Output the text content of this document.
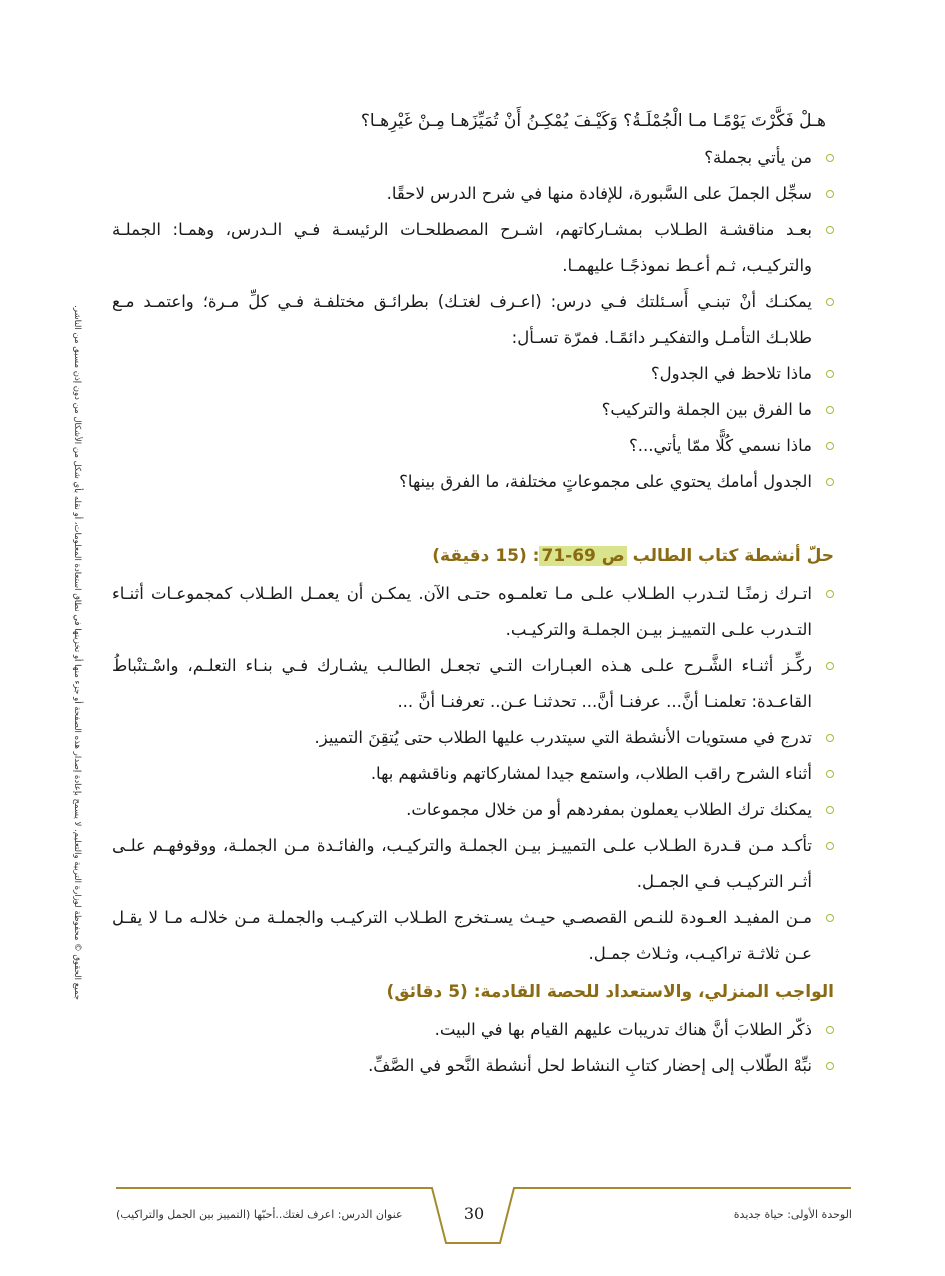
هـلْ فَكَّرْتَ يَوْمًـا مـا الْجُمْلَـةُ؟ وَكَيْـفَ يُمْكِـنُ أَنْ تُمَيِّزَهـا مِـنْ غَيْرِهـا؟

من يأتي بجملة؟
سجِّل الجملَ على السَّبورة، للإفادة منها في شرح الدرس لاحقًا.
بعـد مناقشـة الطـلاب بمشـاركاتهم، اشـرح المصطلحـات الرئيسـة فـي الـدرس، وهمـا: الجملـة والتركيـب، ثـم أعـط نموذجًـا عليهمـا.
يمكنـك أنْ تبنـي أَسـئلتك فـي درس: (اعـرف لغتـك) بطرائـق مختلفـة فـي كلِّ مـرة؛ واعتمـد مـع طلابـك التأمـل والتفكيـر دائمًـا. فمرّة تسـأل:
ماذا تلاحظ في الجدول؟
ما الفرق بين الجملة والتركيب؟
ماذا نسمي كُلًّا ممّا يأتي...؟
الجدول أمامك يحتوي على مجموعاتٍ مختلفة، ما الفرق بينها؟
حلّ أنشطة كتاب الطالب ص 69-71: (15 دقيقة)
اتـرك زمنًـا لتـدرب الطـلاب علـى مـا تعلمـوه حتـى الآن. يمكـن أن يعمـل الطـلاب كمجموعـات أثنـاء التـدرب علـى التمييـز بيـن الجملـة والتركيـب.
ركِّـز أثنـاء الشَّـرح علـى هـذه العبـارات التـي تجعـل الطالـب يشـارك فـي بنـاء التعلـم، واسْـتنْباطُ القاعـدة: تعلمنـا أنَّ... عرفنـا أنَّ... تحدثنـا عـن.. تعرفنـا أنَّ ...
تدرج في مستويات الأنشطة التي سيتدرب عليها الطلاب حتى يُتقِنَ التمييز.
أثناء الشرح راقب الطلاب، واستمع جيدا لمشاركاتهم وناقشهم بها.
يمكنك ترك الطلاب يعملون بمفردهم أو من خلال مجموعات.
تأكـد مـن قـدرة الطـلاب علـى التمييـز بيـن الجملـة والتركيـب، والفائـدة مـن الجملـة، ووقوفهـم علـى أثـر التركيـب فـي الجمـل.
مـن المفيـد العـودة للنـص القصصـي حيـث يسـتخرج الطـلاب التركيـب والجملـة مـن خلالـه مـا لا يقـل عـن ثلاثـة تراكيـب، وثـلاث جمـل.
الواجب المنزلي، والاستعداد للحصة القادمة: (5 دقائق)
ذكّر الطلابَ أنَّ هناك تدريبات عليهم القيام بها في البيت.
نبِّهْ الطّلاب إلى إحضار كتابِ النشاط لحل أنشطة النَّحو في الصَّفِّ.
جميع الحقوق © محفوظة لوزارة التربية والتعليم. لا يسمح بإعادة إصدار هذه الصفحة أو جزء منها أو تخزينها في نطاق استعادة المعلومات، أو نقله بأي شكل من الأشكال من دون إذن مسبق من الناشر.
الوحدة الأولى: حياة جديدة
30
عنوان الدرس: اعرف لغتك..أحبّها (التمييز بين الجمل والتراكيب)
